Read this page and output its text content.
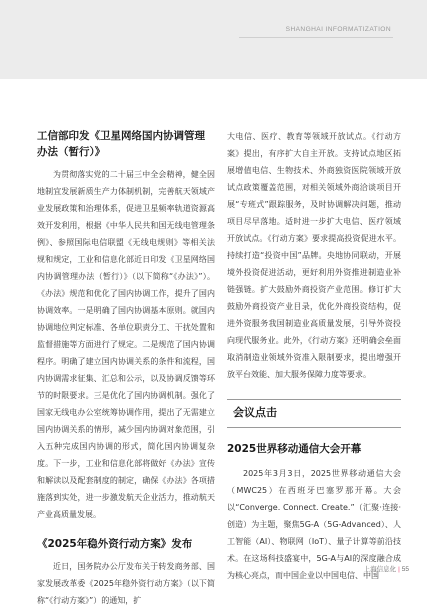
SHANGHAI INFORMATIZATION
工信部印发《卫星网络国内协调管理办法（暂行）》

为贯彻落实党的二十届三中全会精神，健全因地制宜发展新质生产力体制机制，完善航天领域产业发展政策和治理体系，促进卫星频率轨道资源高效开发利用，根据《中华人民共和国无线电管理条例》、参照国际电信联盟《无线电规则》等相关法规和规定，工业和信息化部近日印发《卫星网络国内协调管理办法（暂行）》（以下简称“《办法》”）。《办法》规范和优化了国内协调工作，提升了国内协调效率。一是明确了国内协调基本原则。就国内协调地位判定标准、各单位职责分工、干扰处置和监督措施等方面进行了规定。二是规范了国内协调程序。明确了建立国内协调关系的条件和流程，国内协调需求征集、汇总和公示，以及协调反馈等环节的时限要求。三是优化了国内协调机制。强化了国家无线电办公室统筹协调作用，提出了无需建立国内协调关系的情形，减少国内协调对象范围，引入五种完成国内协调的形式，简化国内协调复杂度。下一步，工业和信息化部将做好《办法》宣传和解读以及配套制度的制定，确保《办法》各项措施落到实处，进一步激发航天企业活力，推动航天产业高质量发展。

《2025年稳外资行动方案》发布

近日，国务院办公厅发布关于转发商务部、国家发展改革委《2025年稳外资行动方案》（以下简称“《行动方案》”）的通知，扩

大电信、医疗、教育等领域开放试点。《行动方案》提出，有序扩大自主开放。支持试点地区拓展增值电信、生物技术、外商独资医院领域开放试点政策覆盖范围，对相关领域外商洽谈项目开展“专班式”跟踪服务，及时协调解决问题，推动项目尽早落地。适时进一步扩大电信、医疗领域开放试点。《行动方案》要求提高投资促进水平。持续打造“投资中国”品牌。央地协同联动，开展境外投资促进活动，更好利用外资推进制造业补链强链。扩大鼓励外商投资产业范围。修订扩大鼓励外商投资产业目录，优化外商投资结构，促进外资服务我国制造业高质量发展，引导外资投向现代服务业。此外，《行动方案》还明确会垒面取消制造业领域外资准入限制要求，提出增强开放平台效能、加大服务保障力度等要求。

会议点击
2025世界移动通信大会开幕

2025年3月3日，2025世界移动通信大会（MWC25）在西班牙巴塞罗那开幕。大会以“Converge. Connect. Create.”（汇聚·连接·创造）为主题，聚焦5G-A（5G-Advanced）、人工智能（AI）、物联网（IoT）、量子计算等前沿技术。在这场科技盛宴中，5G-A与AI的深度融合成为核心亮点，而中国企业以中国电信、中国

上海信息化 | 55
